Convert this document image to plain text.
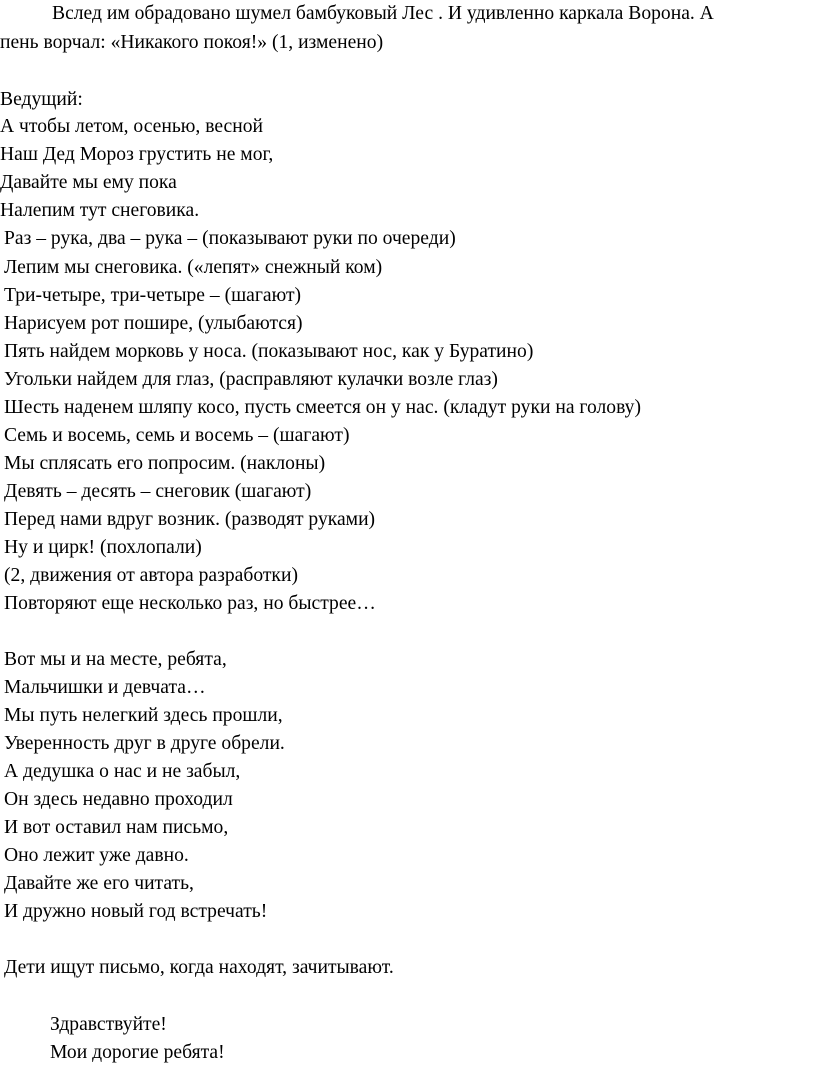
Вслед им обрадовано шумел бамбуковый Лес . И удивленно каркала Ворона. А
пень ворчал: «Никакого покоя!» (1, изменено)
Ведущий:
А чтобы летом, осенью, весной
Наш Дед Мороз грустить не мог,
Давайте мы ему пока
Налепим тут снеговика.
Раз – рука, два – рука – (показывают руки по очереди)
Лепим мы снеговика. («лепят» снежный ком)
Три-четыре, три-четыре – (шагают)
Нарисуем рот пошире, (улыбаются)
Пять найдем морковь у носа. (показывают нос, как у Буратино)
Угольки найдем для глаз, (расправляют кулачки возле глаз)
Шесть наденем шляпу косо, пусть смеется он у нас. (кладут руки на голову)
Семь и восемь, семь и восемь – (шагают)
Мы сплясать его попросим. (наклоны)
Девять – десять – снеговик (шагают)
Перед нами вдруг возник. (разводят руками)
Ну и цирк! (похлопали)
(2, движения от автора разработки)
Повторяют еще несколько раз, но быстрее…
Вот мы и на месте, ребята,
Мальчишки и девчата…
Мы путь нелегкий здесь прошли,
Уверенность друг в друге обрели.
А дедушка о нас и не забыл,
Он здесь недавно проходил
И вот оставил нам письмо,
Оно лежит уже давно.
Давайте же его читать,
И дружно новый год встречать!
Дети ищут письмо, когда находят, зачитывают.
Здравствуйте!
Мои дорогие ребята!
